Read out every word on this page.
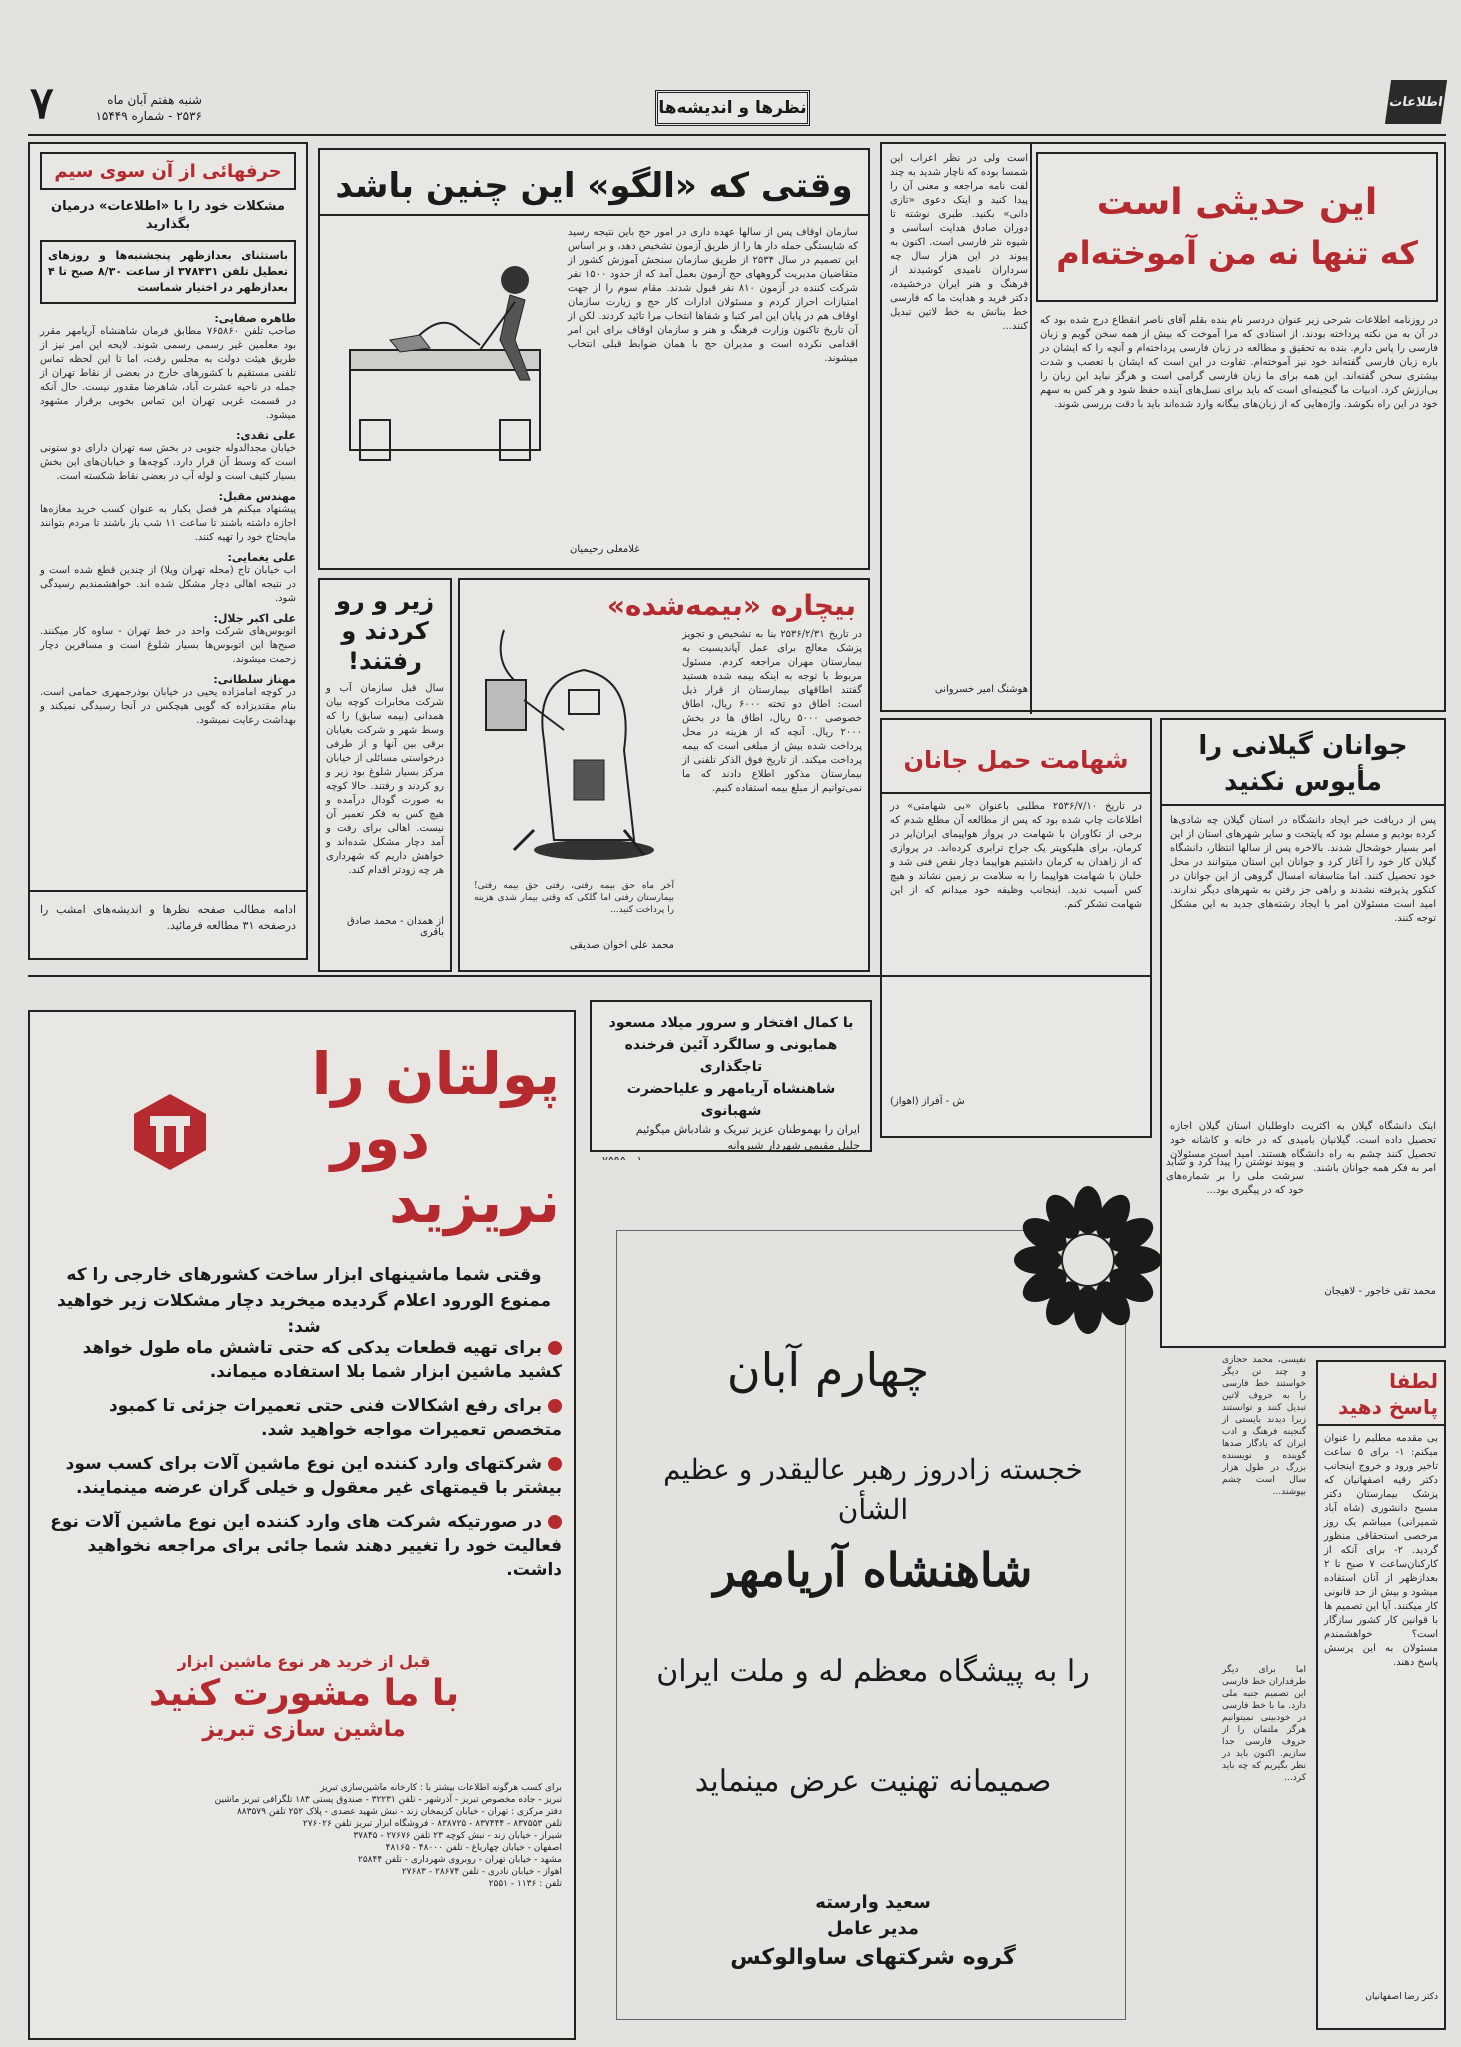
۷	شنبه هفتم آبان ماه
۲۵۳۶ - شماره ۱۵۴۴۹	نظرها و اندیشه‌ها	اطلاعات
حرفهائی از آن سوی سیم
مشکلات خود را با «اطلاعات» درمیان بگذارید
باستثنای بعدازظهر پنجشنبه‌ها و روزهای تعطیل تلفن ۳۷۸۴۳۱ از ساعت ۸/۳۰ صبح تا ۴ بعدازظهر در اختیار شماست
طاهره صفایی:
صاحب تلفن ۷۶۵۸۶۰ مطابق فرمان شاهنشاه آریامهر مقرر بود معلمین غیر رسمی رسمی شوند. لایحه این امر نیز از طریق هیئت دولت به مجلس رفت، اما تا این لحظه تماس تلفنی مستقیم با کشورهای خارج در بعضی از نقاط تهران از جمله در ناحیه عشرت آباد، شاهرضا مقدور نیست. حال آنکه در قسمت غربی تهران این تماس بخوبی برقرار مشهود میشود.
علی تقدی:
خیابان مجدالدوله جنوبی در بخش سه تهران دارای دو ستونی است که وسط آن قرار دارد. کوچه‌ها و خیابان‌های این بخش بسیار کثیف است و لوله آب در بعضی نقاط شکسته است.
مهندس مقبل:
پیشنهاد میکنم هر فصل یکبار به عنوان کسب خرید مغازه‌ها اجازه داشته باشند تا ساعت ۱۱ شب باز باشند تا مردم بتوانند مایحتاج خود را تهیه کنند.
علی یغمایی:
اب خیابان تاج (محله تهران ویلا) از چندین قطع شده است و در نتیجه اهالی دچار مشکل شده اند. خواهشمندیم رسیدگی شود.
علی اکبر جلال:
اتوبوس‌های شرکت واحد در خط تهران - ساوه کار میکنند. صبح‌ها این اتوبوس‌ها بسیار شلوغ است و مسافرین دچار زحمت میشوند.
مهناز سلطانی:
در کوچه امامزاده یحیی در خیابان بوذرجمهری حمامی است. بنام مقتدیزاده که گویی هیچکس در آنجا رسیدگی نمیکند و بهداشت رعایت نمیشود.
ادامه مطالب صفحه نظرها و اندیشه‌های امشب را درصفحه ۳۱ مطالعه فرمائید.
وقتی که «الگو» این چنین باشد
سازمان اوقاف پس از سالها عهده داری در امور حج باین نتیجه رسید که شایستگی حمله دار ها را از طریق آزمون تشخیص دهد، و بر اساس این تصمیم در سال ۲۵۳۴ از طریق سازمان سنجش آموزش کشور از متقاضیان مدیریت گروههای حج آزمون بعمل آمد که از حدود ۱۵۰۰ نفر شرکت کننده در آزمون ۸۱۰ نفر قبول شدند. مقام سوم را از جهت امتیازات احراز کردم و مسئولان ادارات کار حج و زیارت سازمان اوقاف هم در پایان این امر کتبا و شفاها انتخاب مرا تائید کردند. لکن از آن تاریخ تاکنون وزارت فرهنگ و هنر و سازمان اوقاف برای این امر اقدامی نکرده است و مدیران حج با همان ضوابط قبلی انتخاب میشوند.
غلامعلی رحیمیان
این حدیثی است
که تنها نه من آموخته‌ام
است ولی در نظر اعراب این شمسا بوده که ناچار شدید به چند لفت نامه مراجعه و معنی آن را پیدا کنید و اینک دعوی «تازی دانی» بکنید. طبری نوشته تا دوران صادق هدایت اساسی و شیوه نثر فارسی است. اکنون به پیوند در این هزار سال چه سرداران نامیدی کوشیدند از فرهنگ و هنر ایران درخشیده، دکتر فرید و هدایت ما که فارسی خط بنانش به خط لاتین تبدیل کنند...
در روزنامه اطلاعات شرحی زیر عنوان دردسر نام بنده بقلم آقای ناصر انقطاع درج شده بود که در آن به من نکته پرداخته بودند. از استادی که مرا آموخت که بیش از همه سخن گویم و زبان فارسی را پاس دارم. بنده به تحقیق و مطالعه در زبان فارسی پرداخته‌ام و آنچه را که ایشان در باره زبان فارسی گفته‌اند خود نیز آموخته‌ام. تفاوت در این است که ایشان با تعصب و شدت بیشتری سخن گفته‌اند. این همه برای ما زبان فارسی گرامی است و هرگز نباید این زبان را بی‌ارزش کرد. ادبیات ما گنجینه‌ای است که باید برای نسل‌های آینده حفظ شود و هر کس به سهم خود در این راه بکوشد. واژه‌هایی که از زبان‌های بیگانه وارد شده‌اند باید با دقت بررسی شوند.
هوشنگ امیر خسروانی
بیچاره «بیمه‌شده»
در تاریخ ۲۵۳۶/۲/۳۱ بنا به تشخیص و تجویز پزشک معالج برای عمل آپاندیسیت به بیمارستان مهران مراجعه کردم. مسئول مربوط با توجه به اینکه بیمه شده هستید گفتند اطاقهای بیمارستان از قرار ذیل است: اطاق دو تخته ۶۰۰۰ ریال، اطاق خصوصی ۵۰۰۰ ریال، اطاق ها در بخش ۲۰۰۰ ریال. آنچه که از هزینه در محل پرداخت شده بیش از مبلغی است که بیمه پرداخت میکند. از تاریخ فوق الذکر تلفنی از بیمارستان مذکور اطلاع دادند که ما نمی‌توانیم از مبلغ بیمه استفاده کنیم.
آخر ماه حق بیمه رفتی، رفتی حق بیمه رفتی! بیمارستان رفتی اما گلکی که وقتی بیمار شدی هزینه را پرداخت کنید...
محمد علی اخوان صدیقی
زیر و رو
کردند و
رفتند!
سال قبل سازمان آب و شرکت مخابرات کوچه بیان همدانی (بیمه سابق) را که وسط شهر و شرکت بغیابان برقی بین آنها و از طرفی درخواستی مسائلی از خیابان مرکز بسیار شلوغ بود زیر و رو کردند و رفتند. حالا کوچه به صورت گودال درآمده و هیچ کس به فکر تعمیر آن نیست. اهالی برای رفت و آمد دچار مشکل شده‌اند و خواهش داریم که شهرداری هر چه زودتر اقدام کند.
از همدان - محمد صادق باقری
شهامت حمل جانان
در تاریخ ۲۵۳۶/۷/۱۰ مطلبی باعنوان «بی شهامتی» در اطلاعات چاپ شده بود که پس از مطالعه آن مطلع شدم که برخی از تکاوران با شهامت در پرواز هواپیمای ایران‌ایر در کرمان، برای هلیکوپتر یک جراح ترابری کرده‌اند. در پروازی که از زاهدان به کرمان داشتیم هواپیما دچار نقص فنی شد و خلبان با شهامت هواپیما را به سلامت بر زمین نشاند و هیچ کس آسیب ندید. اینجانب وظیفه خود میدانم که از این شهامت تشکر کنم.
ش - آفراز (اهواز)
جوانان گیلانی را
مأیوس نکنید
پس از دریافت خبر ایجاد دانشگاه در استان گیلان چه شادی‌ها کرده بودیم و مسلم بود که پایتخت و سایر شهرهای استان از این امر بسیار خوشحال شدند. بالاخره پس از سالها انتظار، دانشگاه گیلان کار خود را آغاز کرد و جوانان این استان میتوانند در محل خود تحصیل کنند. اما متاسفانه امسال گروهی از این جوانان در کنکور پذیرفته نشدند و راهی جز رفتن به شهرهای دیگر ندارند. امید است مسئولان امر با ایجاد رشته‌های جدید به این مشکل توجه کنند.
اینک دانشگاه گیلان به اکثریت داوطلبان استان گیلان اجازه تحصیل داده است. گیلانیان بامیدی که در خانه و کاشانه خود تحصیل کنند چشم به راه دانشگاه هستند. امید است مسئولان امر به فکر همه جوانان باشند.
محمد تقی خاجور - لاهیجان
با کمال افتخار و سرور میلاد مسعود
همایونی و سالگرد آئین فرخنده تاجگذاری
شاهنشاه آریامهر و علیاحضرت شهبانوی
ایران را بهموطنان عزیز تبریک و شادباش میگوئیم
جلیل مقیمی شهردار شیروانه
و پیوند نوشتن را پیدا کرد و شاید سرشت ملی را بر شماره‌های خود که در پیگیری بود...
نفیسی، محمد حجازی و چند تن دیگر خواستند خط فارسی را به حروف لاتین تبدیل کنند و توانستند زیرا دیدند بایستی از گنجینه فرهنگ و ادب ایران که یادگار صدها گوینده و نویسنده بزرگ در طول هزار سال است چشم بپوشند...
اما برای دیگر طرفداران خط فارسی این تصمیم جنبه ملی دارد. ما با خط فارسی در خودبینی نمیتوانیم هرگز ملتمان را از حروف فارسی جدا سازیم. اکنون باید در نظر بگیریم که چه باید کرد...
لطفا
پاسخ دهید
بی مقدمه مطلبم را عنوان میکنم: ۱- برای ۵ ساعت تاخیر ورود و خروج اینجانب دکتر رقیه اصفهانیان که پزشک بیمارستان دکتر مسیح دانشوری (شاه آباد شمیرانی) میباشم یک روز مرخصی استحقاقی منظور گردید. ۲- برای آنکه از کارکنان‌ساعت ۷ صبح تا ۲ بعدازظهر از آنان استفاده میشود و بیش از حد قانونی کار میکنند. آیا این تصمیم ها با قوانین کار کشور سازگار است؟ خواهشمندم مسئولان به این پرسش پاسخ دهند.
دکتر رضا اصفهانیان
پولتان را
دور
نریزید
وقتی شما ماشینهای ابزار ساخت کشورهای خارجی را که ممنوع الورود اعلام گردیده میخرید دچار مشکلات زیر خواهید شد:
برای تهیه قطعات یدکی که حتی تاشش ماه طول خواهد کشید ماشین ابزار شما بلا استفاده میماند.
برای رفع اشکالات فنی حتی تعمیرات جزئی تا کمبود متخصص تعمیرات مواجه خواهید شد.
شرکتهای وارد کننده این نوع ماشین آلات برای کسب سود بیشتر با قیمتهای غیر معقول و خیلی گران عرضه مینمایند.
در صورتیکه شرکت های وارد کننده این نوع ماشین آلات نوع فعالیت خود را تغییر دهند شما جائی برای مراجعه نخواهید داشت.
قبل از خرید هر نوع ماشین ابزار
با ما مشورت کنید
ماشین سازی تبریز
برای کسب هرگونه اطلاعات بیشتر با : کارخانه ماشین‌سازی تبریز
تبریز - جاده مخصوص تبریز - آذرشهر - تلفن ۳۲۲۳۱ - صندوق پستی ۱۸۳ تلگرافی تبریز ماشین
دفتر مرکزی : تهران - خیابان کریمخان زند - نبش شهید عضدی - پلاک ۲۵۲ تلفن ۸۸۳۵۷۹
تلفن ۸۳۷۵۵۳ - ۸۳۷۴۴۴ - ۸۳۸۷۲۵ - فروشگاه ابزار تبریز تلفن ۲۷۶۰۲۶
شیراز - خیابان زند - نبش کوچه ۲۳ تلفن ۲۷۶۷۶ - ۳۷۸۴۵
اصفهان - خیابان چهارباغ - تلفن ۴۸۰۰۰ - ۴۸۱۶۵
مشهد - خیابان تهران - روبروی شهرداری - تلفن ۲۵۸۴۴
اهواز - خیابان نادری - تلفن ۲۸۶۷۴ - ۲۷۶۸۳
تلفن : ۱۱۳۶ - ۲۵۵۱
چهارم آبان
خجسته زادروز رهبر عالیقدر و عظیم الشأن
شاهنشاه آریامهر
را به پیشگاه معظم له و ملت ایران
صمیمانه تهنیت عرض مینماید
سعید وارسته
مدیر عامل
گروه شرکتهای ساوالوکس
